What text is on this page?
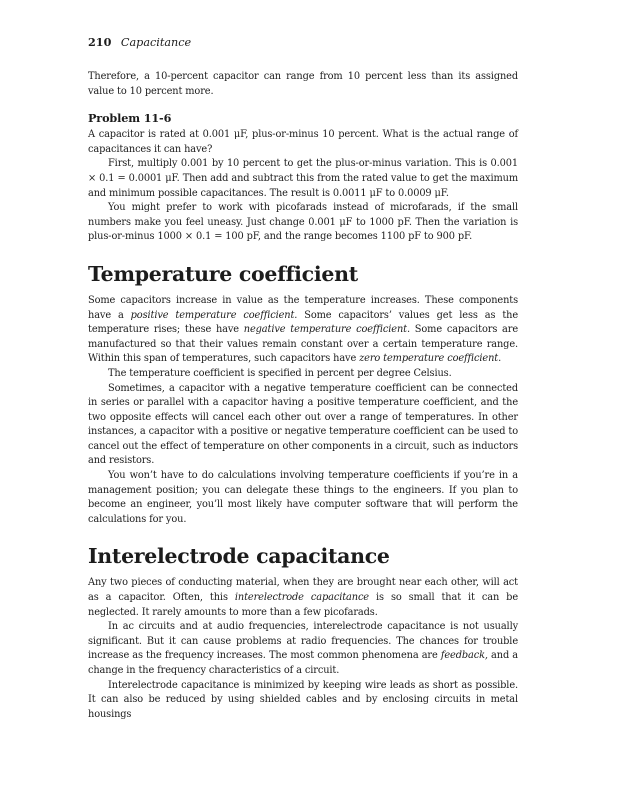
210 Capacitance

Therefore, a 10-percent capacitor can range from 10 percent less than its assigned value to 10 percent more.

Problem 11-6

A capacitor is rated at 0.001 μF, plus-or-minus 10 percent. What is the actual range of capacitances it can have?

First, multiply 0.001 by 10 percent to get the plus-or-minus variation. This is 0.001 × 0.1 = 0.0001 μF. Then add and subtract this from the rated value to get the maximum and minimum possible capacitances. The result is 0.0011 μF to 0.0009 μF.

You might prefer to work with picofarads instead of microfarads, if the small numbers make you feel uneasy. Just change 0.001 μF to 1000 pF. Then the variation is plus-or-minus 1000 × 0.1 = 100 pF, and the range becomes 1100 pF to 900 pF.

Temperature coefficient

Some capacitors increase in value as the temperature increases. These components have a positive temperature coefficient. Some capacitors’ values get less as the temperature rises; these have negative temperature coefficient. Some capacitors are manufactured so that their values remain constant over a certain temperature range. Within this span of temperatures, such capacitors have zero temperature coefficient.

The temperature coefficient is specified in percent per degree Celsius.

Sometimes, a capacitor with a negative temperature coefficient can be connected in series or parallel with a capacitor having a positive temperature coefficient, and the two opposite effects will cancel each other out over a range of temperatures. In other instances, a capacitor with a positive or negative temperature coefficient can be used to cancel out the effect of temperature on other components in a circuit, such as inductors and resistors.

You won’t have to do calculations involving temperature coefficients if you’re in a management position; you can delegate these things to the engineers. If you plan to become an engineer, you’ll most likely have computer software that will perform the calculations for you.

Interelectrode capacitance

Any two pieces of conducting material, when they are brought near each other, will act as a capacitor. Often, this interelectrode capacitance is so small that it can be neglected. It rarely amounts to more than a few picofarads.

In ac circuits and at audio frequencies, interelectrode capacitance is not usually significant. But it can cause problems at radio frequencies. The chances for trouble increase as the frequency increases. The most common phenomena are feedback, and a change in the frequency characteristics of a circuit.

Interelectrode capacitance is minimized by keeping wire leads as short as possible. It can also be reduced by using shielded cables and by enclosing circuits in metal housings
